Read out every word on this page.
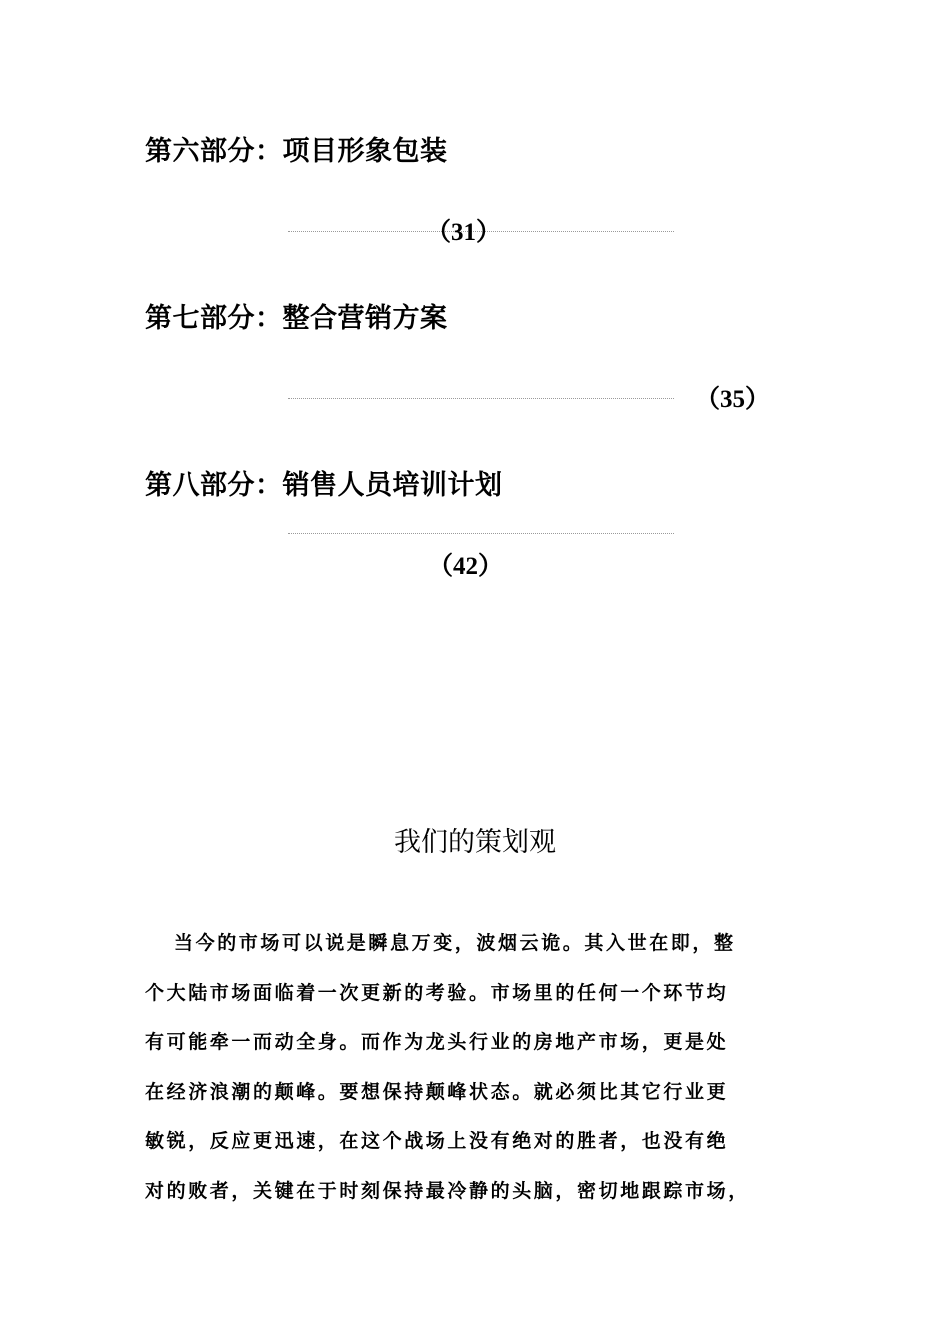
第六部分：项目形象包装
（31）
第七部分：整合营销方案
（35）
第八部分：销售人员培训计划
（42）
我们的策划观
当今的市场可以说是瞬息万变，波烟云诡。其入世在即，整
个大陆市场面临着一次更新的考验。市场里的任何一个环节均
有可能牵一而动全身。而作为龙头行业的房地产市场，更是处
在经济浪潮的颠峰。要想保持颠峰状态。就必须比其它行业更
敏锐，反应更迅速，在这个战场上没有绝对的胜者，也没有绝
对的败者，关键在于时刻保持最冷静的头脑，密切地跟踪市场，
